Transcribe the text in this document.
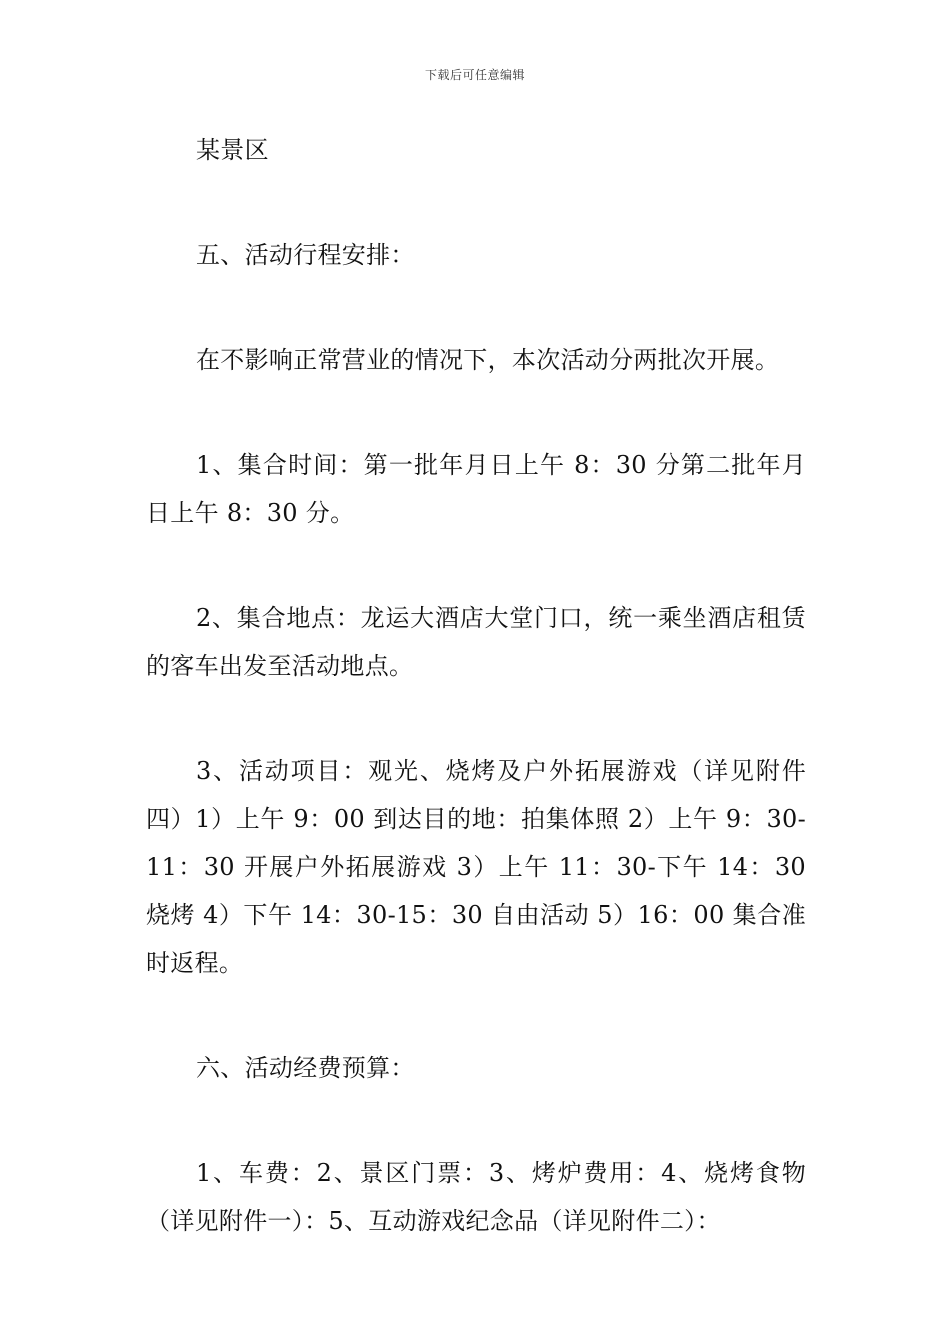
下载后可任意编辑

某景区

五、活动行程安排：

在不影响正常营业的情况下，本次活动分两批次开展。

1、集合时间：第一批年月日上午 8：30 分第二批年月日上午 8：30 分。

2、集合地点：龙运大酒店大堂门口，统一乘坐酒店租赁的客车出发至活动地点。

3、活动项目：观光、烧烤及户外拓展游戏（详见附件四）1）上午 9：00 到达目的地：拍集体照 2）上午 9：30-11：30 开展户外拓展游戏 3）上午 11：30-下午 14：30 烧烤 4）下午 14：30-15：30 自由活动 5）16：00 集合准时返程。

六、活动经费预算：

1、车费：2、景区门票：3、烤炉费用：4、烧烤食物（详见附件一）：5、互动游戏纪念品（详见附件二）：
